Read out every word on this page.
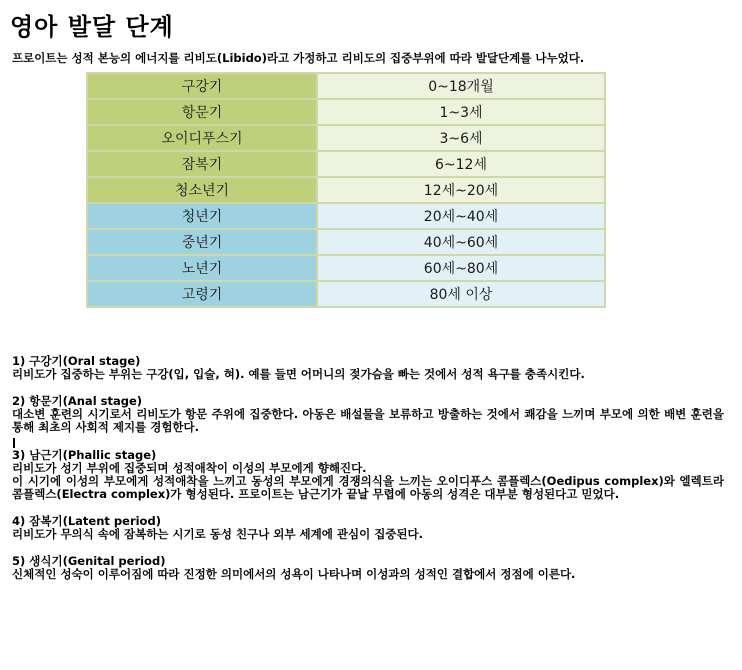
영아 발달 단계
프로이트는 성적 본능의 에너지를 리비도(Libido)라고 가정하고 리비도의 집중부위에 따라 발달단계를 나누었다.
구강기	0~18개월
항문기	1~3세
오이디푸스기	3~6세
잠복기	6~12세
청소년기	12세~20세
청년기	20세~40세
중년기	40세~60세
노년기	60세~80세
고령기	80세 이상
1) 구강기(Oral stage)
리비도가 집중하는 부위는 구강(입, 입술, 혀). 예를 들면 어머니의 젖가슴을 빠는 것에서 성적 욕구를 충족시킨다.
2) 항문기(Anal stage)
대소변 훈련의 시기로서 리비도가 항문 주위에 집중한다. 아동은 배설물을 보류하고 방출하는 것에서 쾌감을 느끼며 부모에 의한 배변 훈련을 통해 최초의 사회적 제지를 경험한다.
3) 남근기(Phallic stage)
리비도가 성기 부위에 집중되며 성적애착이 이성의 부모에게 향해진다.
이 시기에 이성의 부모에게 성적애착을 느끼고 동성의 부모에게 경쟁의식을 느끼는 오이디푸스 콤플렉스(Oedipus complex)와 엘렉트라 콤플렉스(Electra complex)가 형성된다. 프로이트는 남근기가 끝날 무렵에 아동의 성격은 대부분 형성된다고 믿었다.
4) 잠복기(Latent period)
리비도가 무의식 속에 잠복하는 시기로 동성 친구나 외부 세계에 관심이 집중된다.
5) 생식기(Genital period)
신체적인 성숙이 이루어짐에 따라 진정한 의미에서의 성욕이 나타나며 이성과의 성적인 결합에서 정점에 이른다.
